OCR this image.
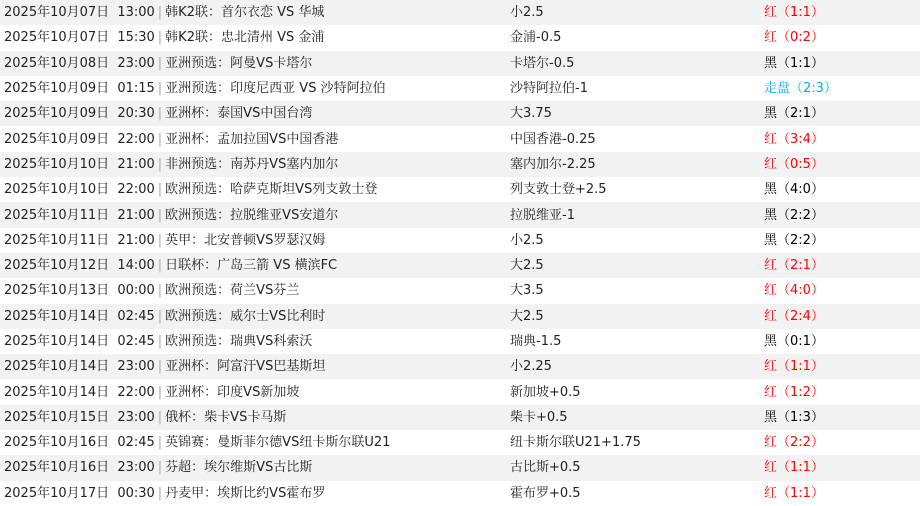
2025年10月07日 13:00 | 韩K2联：首尔衣恋 VS 华城	小2.5	红（1:1）
2025年10月07日 15:30 | 韩K2联：忠北清州 VS 金浦	金浦-0.5	红（0:2）
2025年10月08日 23:00 | 亚洲预选：阿曼VS卡塔尔	卡塔尔-0.5	黑（1:1）
2025年10月09日 01:15 | 亚洲预选：印度尼西亚 VS 沙特阿拉伯	沙特阿拉伯-1	走盘（2:3）
2025年10月09日 20:30 | 亚洲杯：泰国VS中国台湾	大3.75	黑（2:1）
2025年10月09日 22:00 | 亚洲杯：孟加拉国VS中国香港	中国香港-0.25	红（3:4）
2025年10月10日 21:00 | 非洲预选：南苏丹VS塞内加尔	塞内加尔-2.25	红（0:5）
2025年10月10日 22:00 | 欧洲预选：哈萨克斯坦VS列支敦士登	列支敦士登+2.5	黑（4:0）
2025年10月11日 21:00 | 欧洲预选：拉脱维亚VS安道尔	拉脱维亚-1	黑（2:2）
2025年10月11日 21:00 | 英甲：北安普顿VS罗瑟汉姆	小2.5	黑（2:2）
2025年10月12日 14:00 | 日联杯：广岛三箭 VS 横滨FC	大2.5	红（2:1）
2025年10月13日 00:00 | 欧洲预选：荷兰VS芬兰	大3.5	红（4:0）
2025年10月14日 02:45 | 欧洲预选：威尔士VS比利时	大2.5	红（2:4）
2025年10月14日 02:45 | 欧洲预选：瑞典VS科索沃	瑞典-1.5	黑（0:1）
2025年10月14日 23:00 | 亚洲杯：阿富汗VS巴基斯坦	小2.25	红（1:1）
2025年10月14日 22:00 | 亚洲杯：印度VS新加坡	新加坡+0.5	红（1:2）
2025年10月15日 23:00 | 俄杯：柴卡VS卡马斯	柴卡+0.5	黑（1:3）
2025年10月16日 02:45 | 英锦赛：曼斯菲尔德VS纽卡斯尔联U21	纽卡斯尔联U21+1.75	红（2:2）
2025年10月16日 23:00 | 芬超：埃尔维斯VS古比斯	古比斯+0.5	红（1:1）
2025年10月17日 00:30 | 丹麦甲：埃斯比约VS霍布罗	霍布罗+0.5	红（1:1）
